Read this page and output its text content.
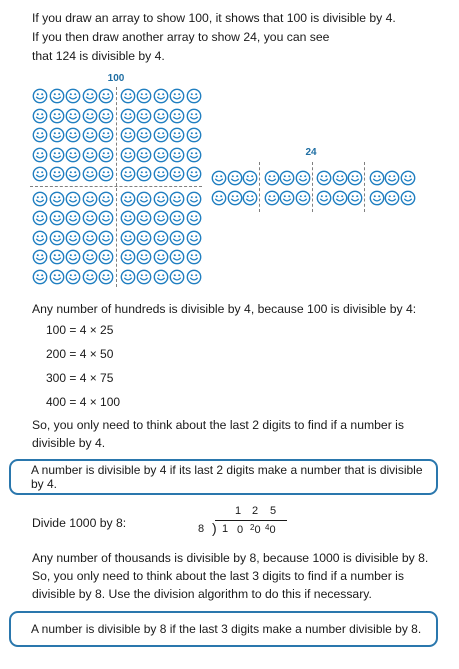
If you draw an array to show 100, it shows that 100 is divisible by 4.
If you then draw another array to show 24, you can see
that 124 is divisible by 4.
100
24
Any number of hundreds is divisible by 4, because 100 is divisible by 4:
100 = 4 × 25
200 = 4 × 50
300 = 4 × 75
400 = 4 × 100
So, you only need to think about the last 2 digits to find if a number is
divisible by 4.
A number is divisible by 4 if its last 2 digits make a number that is divisible by 4.
Divide 1000 by 8:
1 2 5
8 ) 1 0 $^2$0 $^4$0
Any number of thousands is divisible by 8, because 1000 is divisible by 8.
So, you only need to think about the last 3 digits to find if a number is
divisible by 8. Use the division algorithm to do this if necessary.
A number is divisible by 8 if the last 3 digits make a number divisible by 8.
